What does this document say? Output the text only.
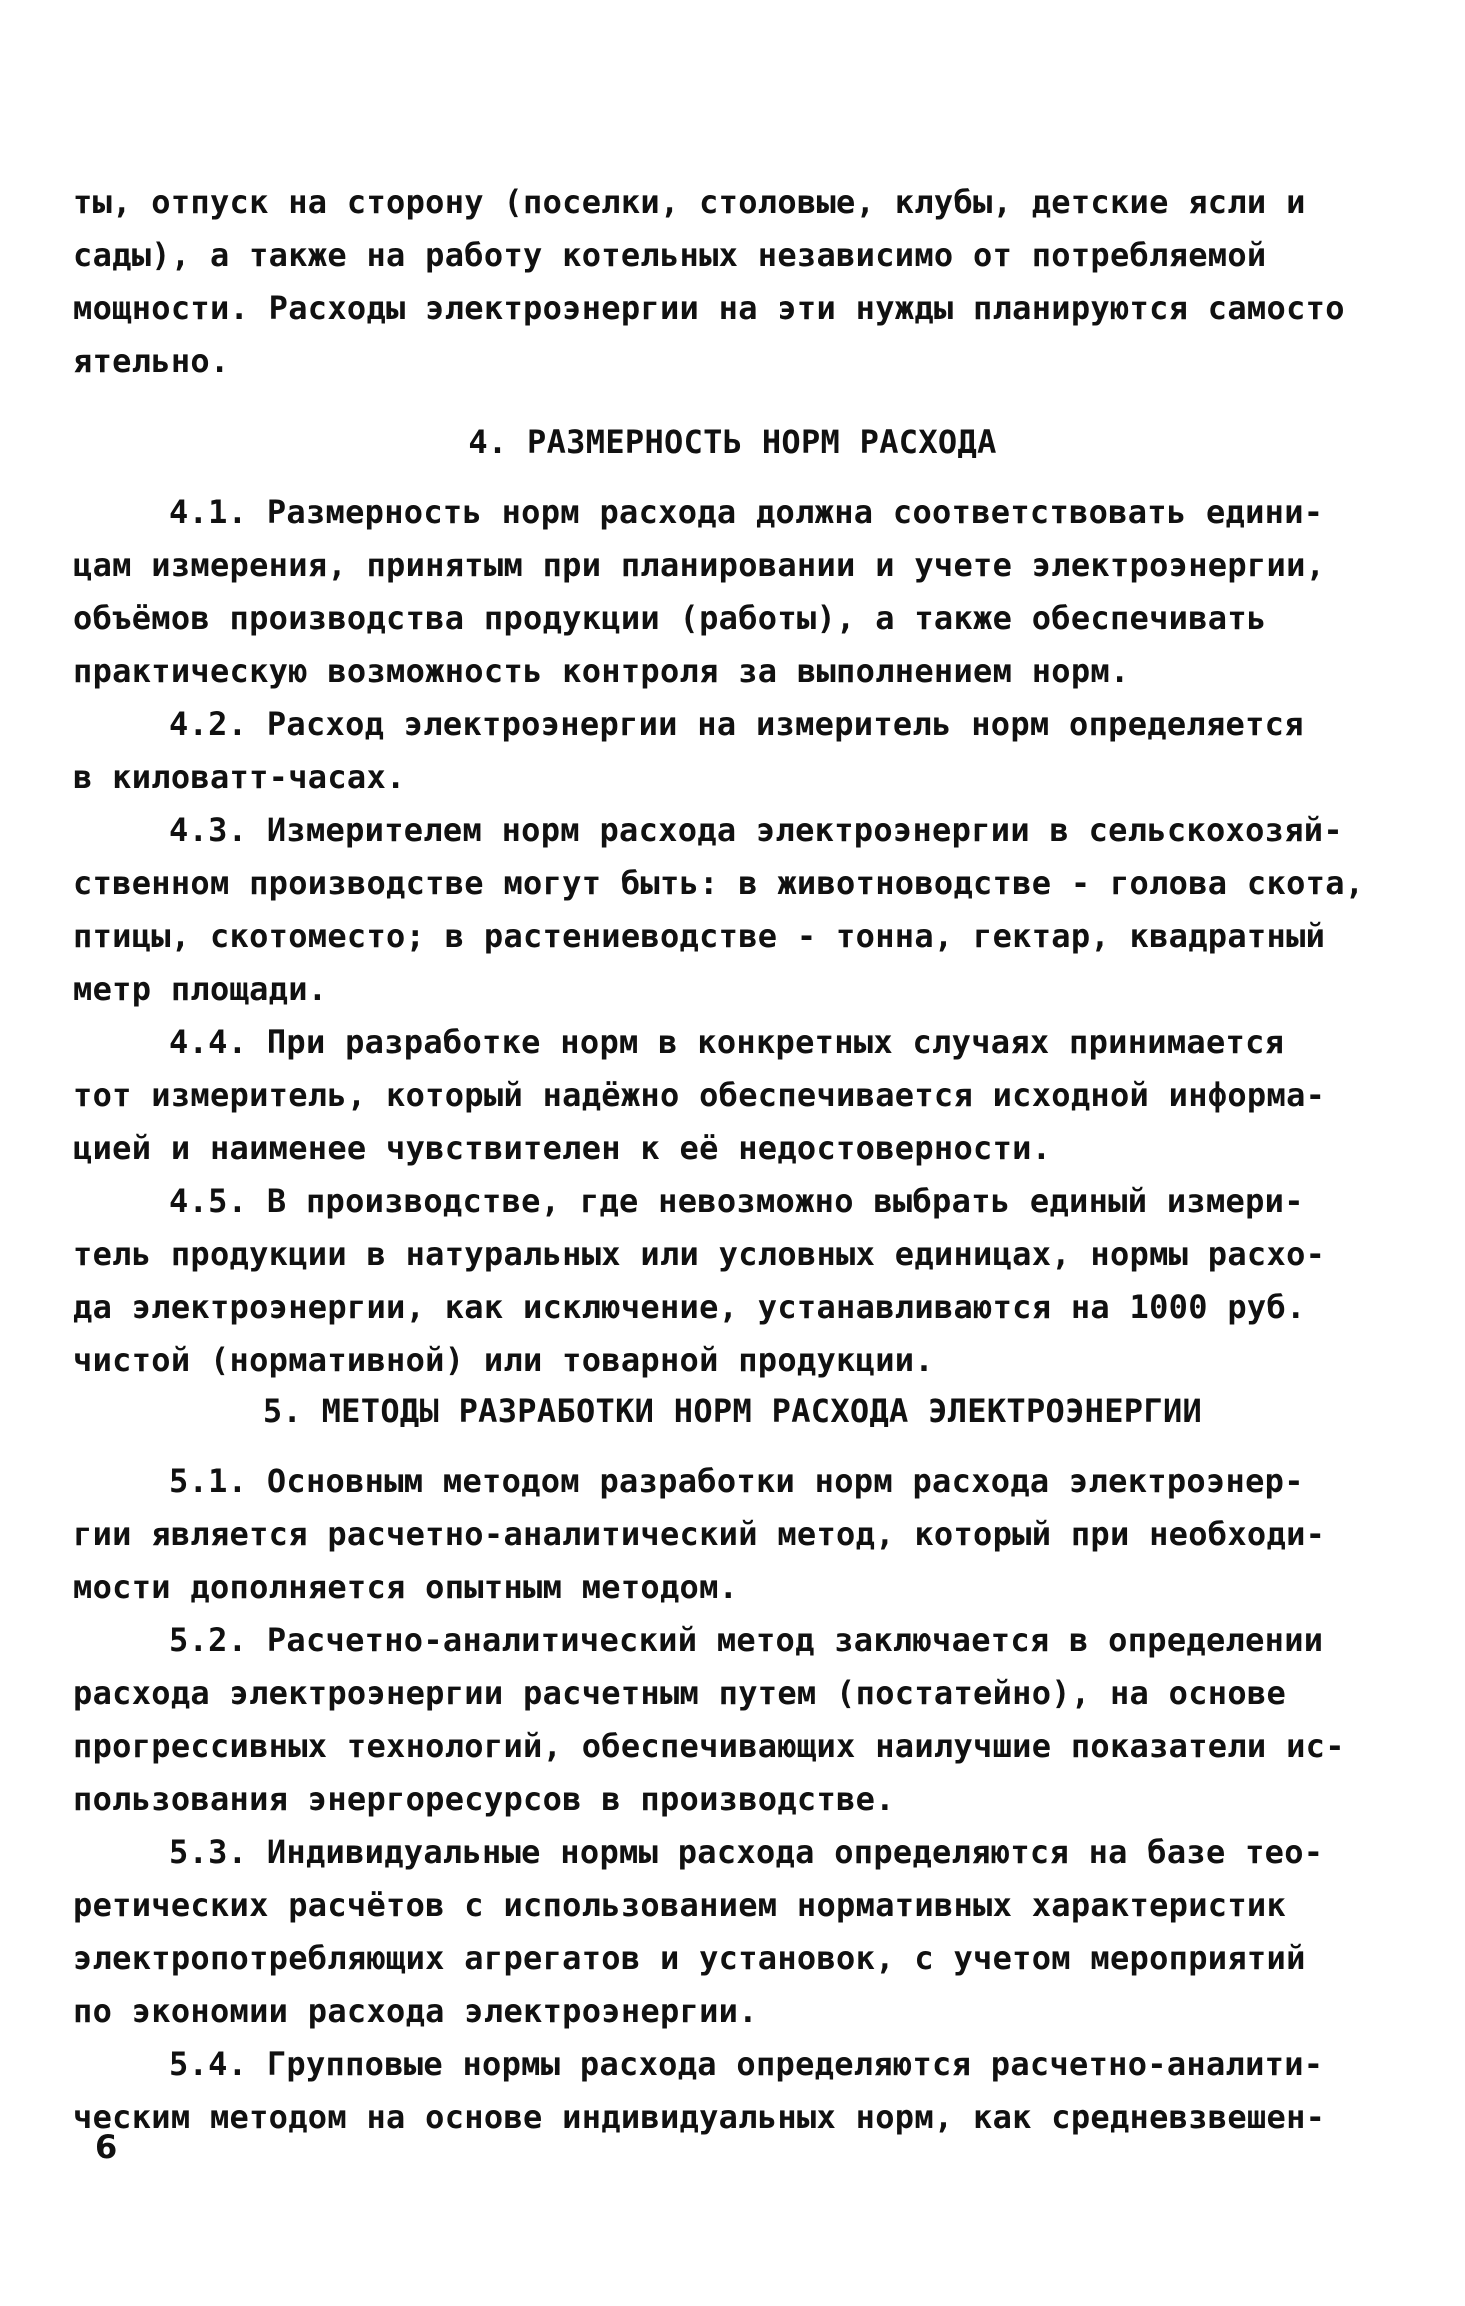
ты, отпуск на сторону (поселки, столовые, клубы, детские ясли и
сады), а также на работу котельных независимо от потребляемой
мощности. Расходы электроэнергии на эти нужды планируются самосто
ятельно.
4. РАЗМЕРНОСТЬ НОРМ РАСХОДА
4.1. Размерность норм расхода должна соответствовать едини-
цам измерения, принятым при планировании и учете электроэнергии,
объёмов производства продукции (работы), а также обеспечивать
практическую возможность контроля за выполнением норм.
4.2. Расход электроэнергии на измеритель норм определяется
в киловатт-часах.
4.3. Измерителем норм расхода электроэнергии в сельскохозяй-
ственном производстве могут быть: в животноводстве - голова скота,
птицы, скотоместо; в растениеводстве - тонна, гектар, квадратный
метр площади.
4.4. При разработке норм в конкретных случаях принимается
тот измеритель, который надёжно обеспечивается исходной информа-
цией и наименее чувствителен к её недостоверности.
4.5. В производстве, где невозможно выбрать единый измери-
тель продукции в натуральных или условных единицах, нормы расхо-
да электроэнергии, как исключение, устанавливаются на 1000 руб.
чистой (нормативной) или товарной продукции.
5. МЕТОДЫ РАЗРАБОТКИ НОРМ РАСХОДА ЭЛЕКТРОЭНЕРГИИ
5.1. Основным методом разработки норм расхода электроэнер-
гии является расчетно-аналитический метод, который при необходи-
мости дополняется опытным методом.
5.2. Расчетно-аналитический метод заключается в определении
расхода электроэнергии расчетным путем (постатейно), на основе
прогрессивных технологий, обеспечивающих наилучшие показатели ис-
пользования энергоресурсов в производстве.
5.3. Индивидуальные нормы расхода определяются на базе тео-
ретических расчётов с использованием нормативных характеристик
электропотребляющих агрегатов и установок, с учетом мероприятий
по экономии расхода электроэнергии.
5.4. Групповые нормы расхода определяются расчетно-аналити-
ческим методом на основе индивидуальных норм, как средневзвешен-
6
